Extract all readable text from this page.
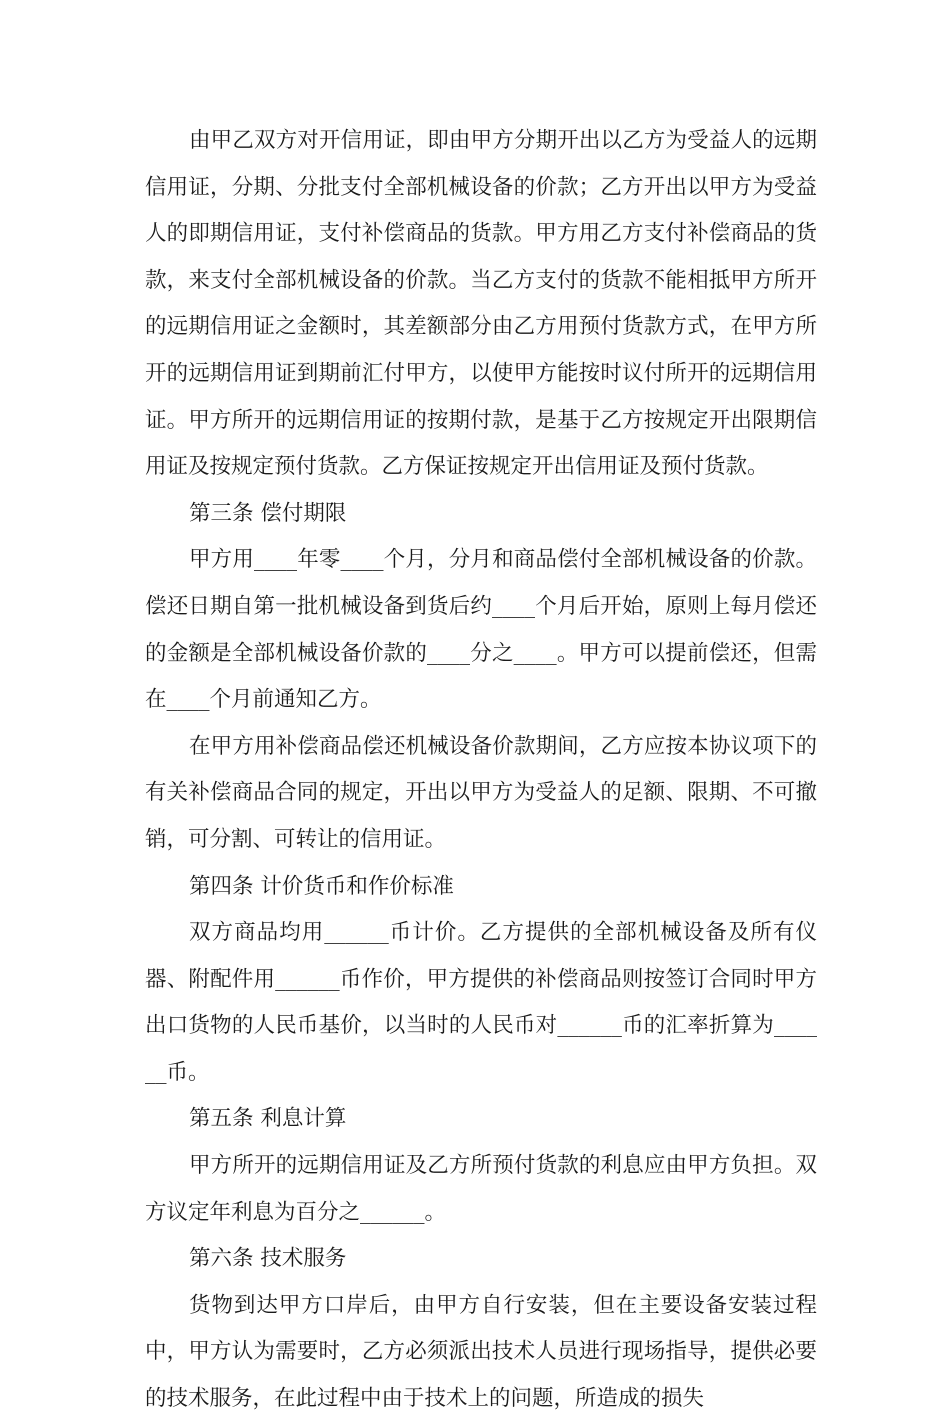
由甲乙双方对开信用证，即由甲方分期开出以乙方为受益人的远期信用证，分期、分批支付全部机械设备的价款；乙方开出以甲方为受益人的即期信用证，支付补偿商品的货款。甲方用乙方支付补偿商品的货款，来支付全部机械设备的价款。当乙方支付的货款不能相抵甲方所开的远期信用证之金额时，其差额部分由乙方用预付货款方式，在甲方所开的远期信用证到期前汇付甲方，以使甲方能按时议付所开的远期信用证。甲方所开的远期信用证的按期付款，是基于乙方按规定开出限期信用证及按规定预付货款。乙方保证按规定开出信用证及预付货款。

第三条 偿付期限

甲方用____年零____个月，分月和商品偿付全部机械设备的价款。偿还日期自第一批机械设备到货后约____个月后开始，原则上每月偿还的金额是全部机械设备价款的____分之____。甲方可以提前偿还，但需在____个月前通知乙方。

在甲方用补偿商品偿还机械设备价款期间，乙方应按本协议项下的有关补偿商品合同的规定，开出以甲方为受益人的足额、限期、不可撤销，可分割、可转让的信用证。

第四条 计价货币和作价标准

双方商品均用______币计价。乙方提供的全部机械设备及所有仪器、附配件用______币作价，甲方提供的补偿商品则按签订合同时甲方出口货物的人民币基价，以当时的人民币对______币的汇率折算为______币。

第五条 利息计算

甲方所开的远期信用证及乙方所预付货款的利息应由甲方负担。双方议定年利息为百分之______。

第六条 技术服务

货物到达甲方口岸后，由甲方自行安装，但在主要设备安装过程中，甲方认为需要时，乙方必须派出技术人员进行现场指导，提供必要的技术服务，在此过程中由于技术上的问题，所造成的损失
